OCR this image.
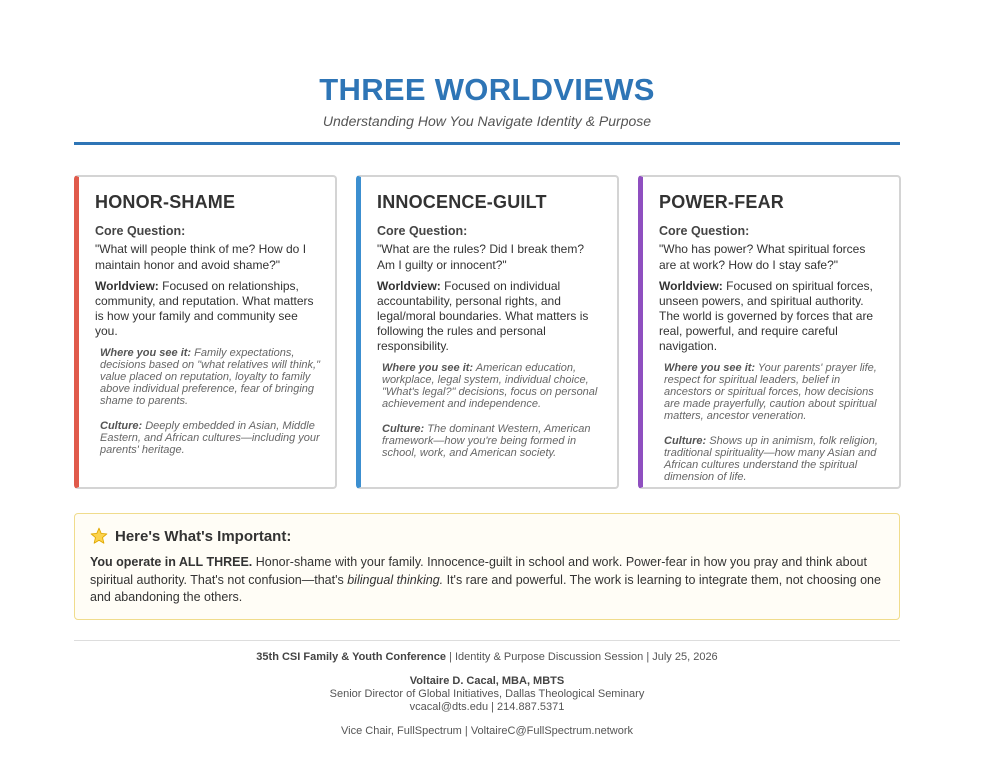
THREE WORLDVIEWS
Understanding How You Navigate Identity & Purpose
HONOR-SHAME
Core Question:
"What will people think of me? How do I maintain honor and avoid shame?"
Worldview: Focused on relationships, community, and reputation. What matters is how your family and community see you.
Where you see it: Family expectations, decisions based on "what relatives will think," value placed on reputation, loyalty to family above individual preference, fear of bringing shame to parents.
Culture: Deeply embedded in Asian, Middle Eastern, and African cultures—including your parents' heritage.
INNOCENCE-GUILT
Core Question:
"What are the rules? Did I break them? Am I guilty or innocent?"
Worldview: Focused on individual accountability, personal rights, and legal/moral boundaries. What matters is following the rules and personal responsibility.
Where you see it: American education, workplace, legal system, individual choice, "What's legal?" decisions, focus on personal achievement and independence.
Culture: The dominant Western, American framework—how you're being formed in school, work, and American society.
POWER-FEAR
Core Question:
"Who has power? What spiritual forces are at work? How do I stay safe?"
Worldview: Focused on spiritual forces, unseen powers, and spiritual authority. The world is governed by forces that are real, powerful, and require careful navigation.
Where you see it: Your parents' prayer life, respect for spiritual leaders, belief in ancestors or spiritual forces, how decisions are made prayerfully, caution about spiritual matters, ancestor veneration.
Culture: Shows up in animism, folk religion, traditional spirituality—how many Asian and African cultures understand the spiritual dimension of life.
Here's What's Important:
You operate in ALL THREE. Honor-shame with your family. Innocence-guilt in school and work. Power-fear in how you pray and think about spiritual authority. That's not confusion—that's bilingual thinking. It's rare and powerful. The work is learning to integrate them, not choosing one and abandoning the others.
35th CSI Family & Youth Conference | Identity & Purpose Discussion Session | July 25, 2026
Voltaire D. Cacal, MBA, MBTS
Senior Director of Global Initiatives, Dallas Theological Seminary
vcacal@dts.edu | 214.887.5371
Vice Chair, FullSpectrum | VoltaireC@FullSpectrum.network
